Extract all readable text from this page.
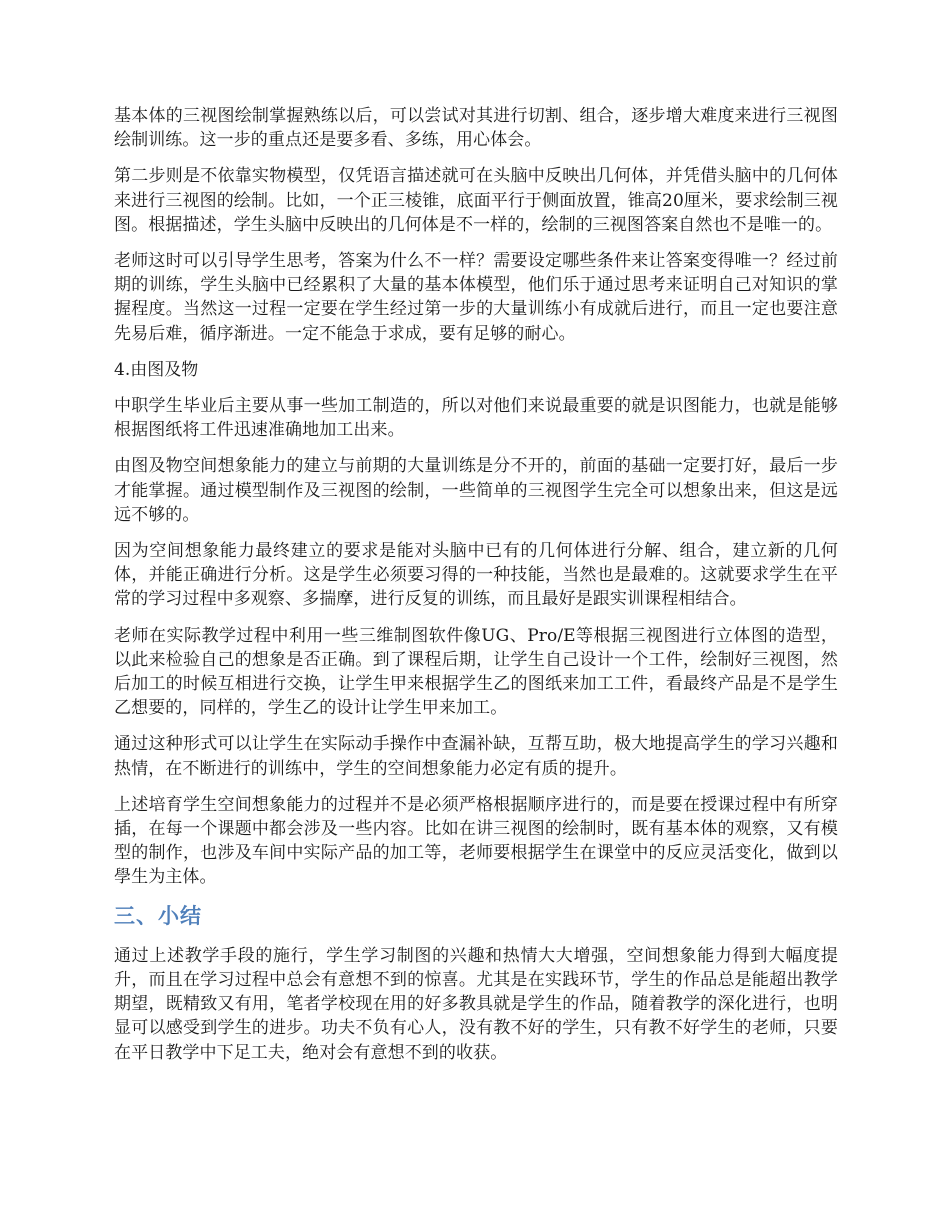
基本体的三视图绘制掌握熟练以后，可以尝试对其进行切割、组合，逐步增大难度来进行三视图绘制训练。这一步的重点还是要多看、多练，用心体会。

第二步则是不依靠实物模型，仅凭语言描述就可在头脑中反映出几何体，并凭借头脑中的几何体来进行三视图的绘制。比如，一个正三棱锥，底面平行于侧面放置，锥高20厘米，要求绘制三视图。根据描述，学生头脑中反映出的几何体是不一样的，绘制的三视图答案自然也不是唯一的。

老师这时可以引导学生思考，答案为什么不一样？需要设定哪些条件来让答案变得唯一？经过前期的训练，学生头脑中已经累积了大量的基本体模型，他们乐于通过思考来证明自己对知识的掌握程度。当然这一过程一定要在学生经过第一步的大量训练小有成就后进行，而且一定也要注意先易后难，循序渐进。一定不能急于求成，要有足够的耐心。

4.由图及物

中职学生毕业后主要从事一些加工制造的，所以对他们来说最重要的就是识图能力，也就是能够根据图纸将工件迅速准确地加工出来。

由图及物空间想象能力的建立与前期的大量训练是分不开的，前面的基础一定要打好，最后一步才能掌握。通过模型制作及三视图的绘制，一些简单的三视图学生完全可以想象出来，但这是远远不够的。

因为空间想象能力最终建立的要求是能对头脑中已有的几何体进行分解、组合，建立新的几何体，并能正确进行分析。这是学生必须要习得的一种技能，当然也是最难的。这就要求学生在平常的学习过程中多观察、多揣摩，进行反复的训练，而且最好是跟实训课程相结合。

老师在实际教学过程中利用一些三维制图软件像UG、Pro/E等根据三视图进行立体图的造型，以此来检验自己的想象是否正确。到了课程后期，让学生自己设计一个工件，绘制好三视图，然后加工的时候互相进行交换，让学生甲来根据学生乙的图纸来加工工件，看最终产品是不是学生乙想要的，同样的，学生乙的设计让学生甲来加工。

通过这种形式可以让学生在实际动手操作中查漏补缺，互帮互助，极大地提高学生的学习兴趣和热情，在不断进行的训练中，学生的空间想象能力必定有质的提升。

上述培育学生空间想象能力的过程并不是必须严格根据顺序进行的，而是要在授课过程中有所穿插，在每一个课题中都会涉及一些内容。比如在讲三视图的绘制时，既有基本体的观察，又有模型的制作，也涉及车间中实际产品的加工等，老师要根据学生在课堂中的反应灵活变化，做到以學生为主体。

三、小结

通过上述教学手段的施行，学生学习制图的兴趣和热情大大增强，空间想象能力得到大幅度提升，而且在学习过程中总会有意想不到的惊喜。尤其是在实践环节，学生的作品总是能超出教学期望，既精致又有用，笔者学校现在用的好多教具就是学生的作品，随着教学的深化进行，也明显可以感受到学生的进步。功夫不负有心人，没有教不好的学生，只有教不好学生的老师，只要在平日教学中下足工夫，绝对会有意想不到的收获。
